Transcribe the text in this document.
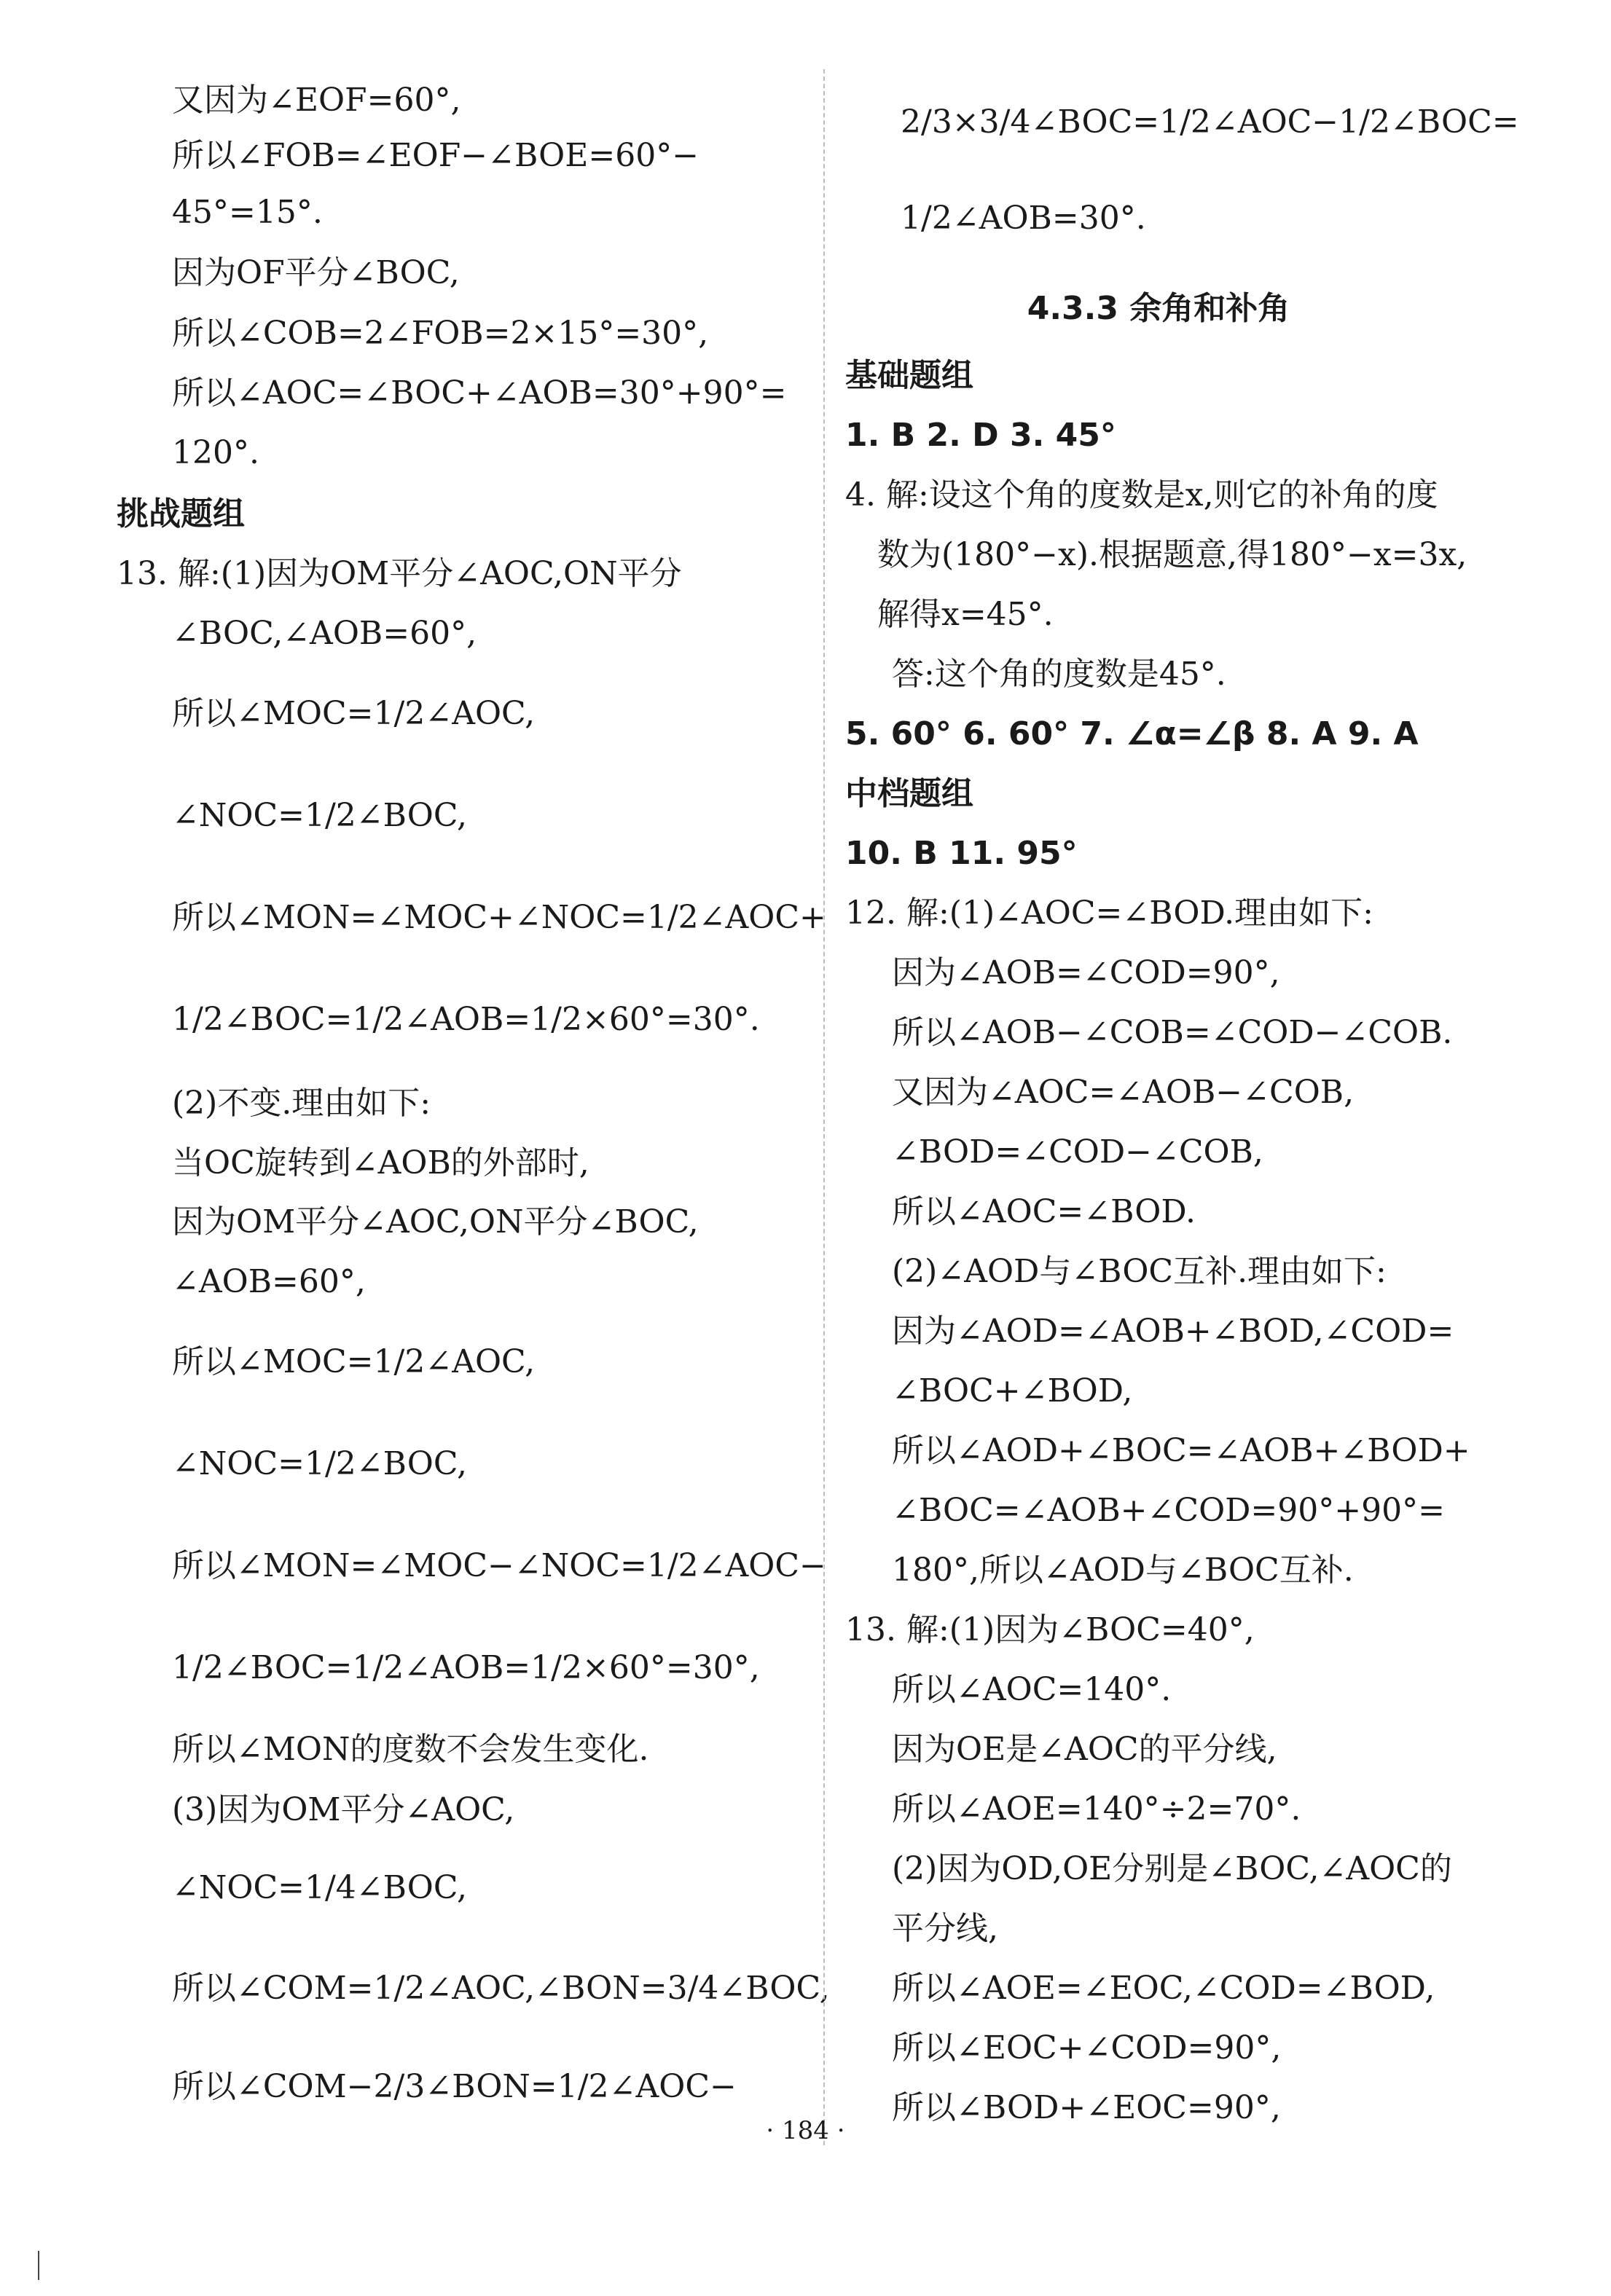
又因为∠EOF=60°,
所以∠FOB=∠EOF−∠BOE=60°−
45°=15°.
因为OF平分∠BOC,
所以∠COB=2∠FOB=2×15°=30°,
所以∠AOC=∠BOC+∠AOB=30°+90°=
120°.
挑战题组
13. 解:(1)因为OM平分∠AOC,ON平分
∠BOC,∠AOB=60°,
所以∠MOC=1/2∠AOC,
∠NOC=1/2∠BOC,
所以∠MON=∠MOC+∠NOC=1/2∠AOC+
1/2∠BOC=1/2∠AOB=1/2×60°=30°.
(2)不变.理由如下:
当OC旋转到∠AOB的外部时,
因为OM平分∠AOC,ON平分∠BOC,
∠AOB=60°,
所以∠MOC=1/2∠AOC,
∠NOC=1/2∠BOC,
所以∠MON=∠MOC−∠NOC=1/2∠AOC−
1/2∠BOC=1/2∠AOB=1/2×60°=30°,
所以∠MON的度数不会发生变化.
(3)因为OM平分∠AOC,
∠NOC=1/4∠BOC,
所以∠COM=1/2∠AOC,∠BON=3/4∠BOC,
所以∠COM−2/3∠BON=1/2∠AOC−
2/3×3/4∠BOC=1/2∠AOC−1/2∠BOC=
1/2∠AOB=30°.
4.3.3 余角和补角
基础题组
1. B 2. D 3. 45°
4. 解:设这个角的度数是x,则它的补角的度
数为(180°−x).根据题意,得180°−x=3x,
解得x=45°.
答:这个角的度数是45°.
5. 60° 6. 60° 7. ∠α=∠β 8. A 9. A
中档题组
10. B 11. 95°
12. 解:(1)∠AOC=∠BOD.理由如下:
因为∠AOB=∠COD=90°,
所以∠AOB−∠COB=∠COD−∠COB.
又因为∠AOC=∠AOB−∠COB,
∠BOD=∠COD−∠COB,
所以∠AOC=∠BOD.
(2)∠AOD与∠BOC互补.理由如下:
因为∠AOD=∠AOB+∠BOD,∠COD=
∠BOC+∠BOD,
所以∠AOD+∠BOC=∠AOB+∠BOD+
∠BOC=∠AOB+∠COD=90°+90°=
180°,所以∠AOD与∠BOC互补.
13. 解:(1)因为∠BOC=40°,
所以∠AOC=140°.
因为OE是∠AOC的平分线,
所以∠AOE=140°÷2=70°.
(2)因为OD,OE分别是∠BOC,∠AOC的
平分线,
所以∠AOE=∠EOC,∠COD=∠BOD,
所以∠EOC+∠COD=90°,
所以∠BOD+∠EOC=90°,
· 184 ·
